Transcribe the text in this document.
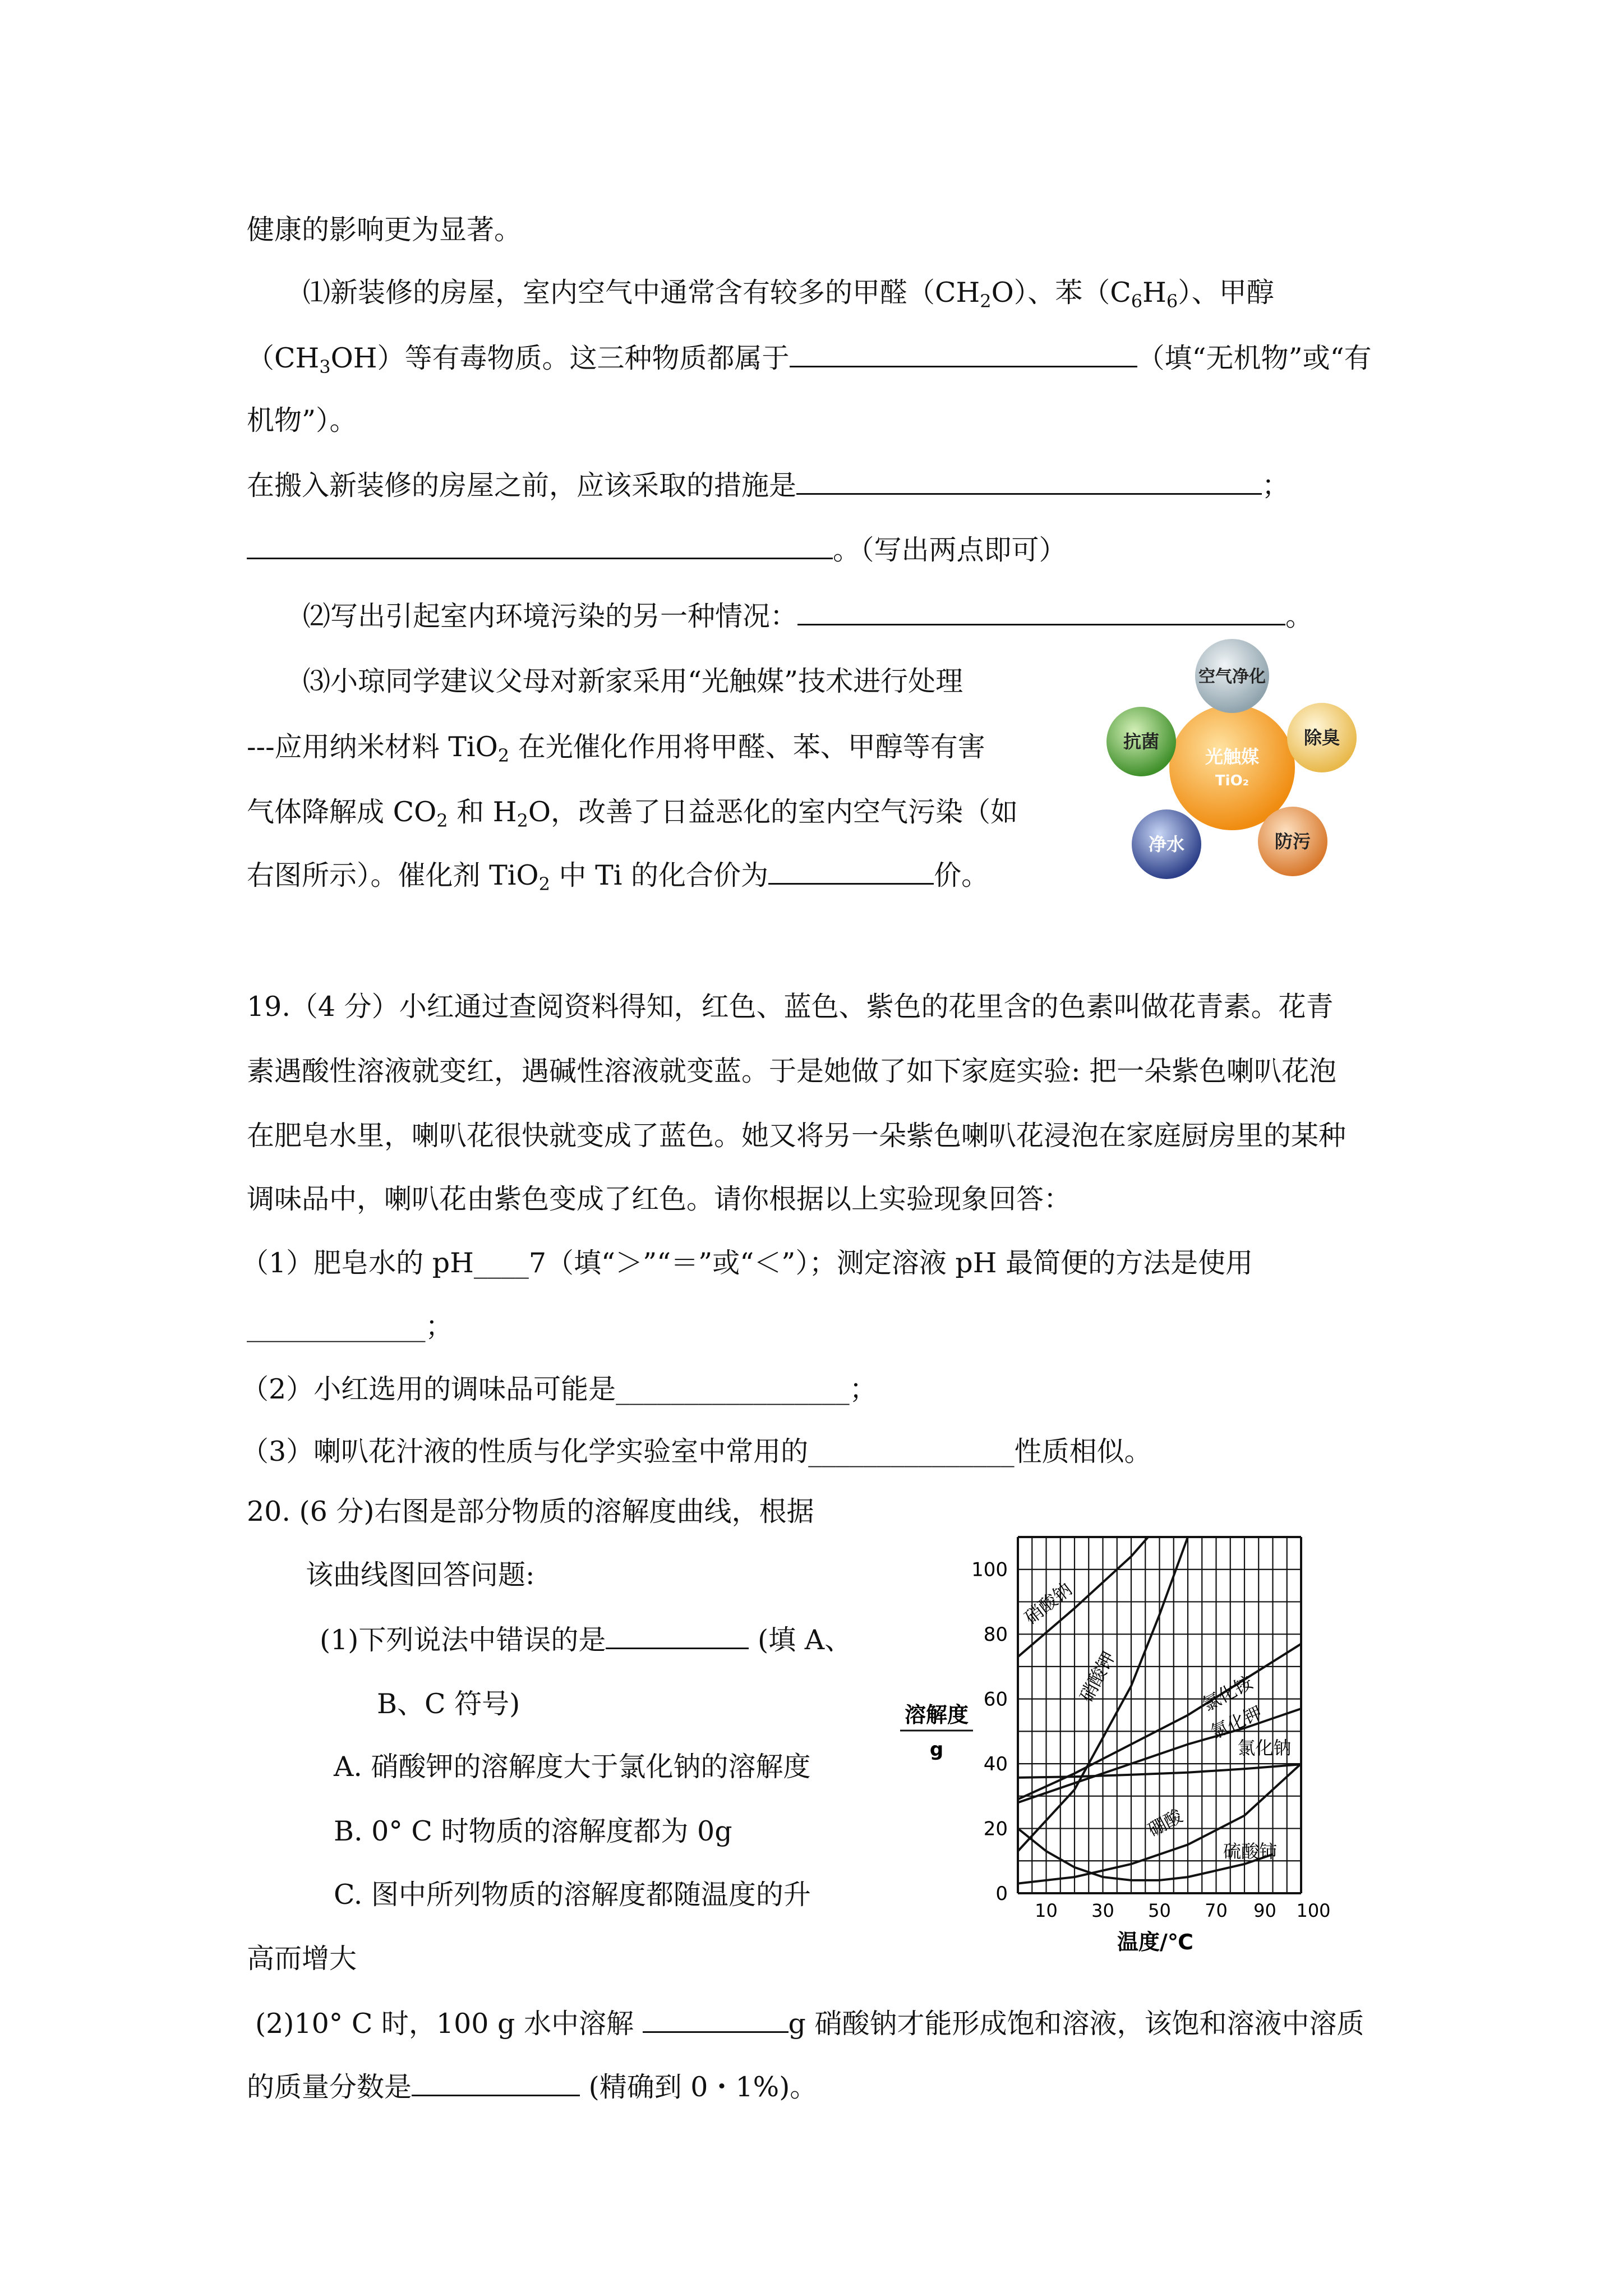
健康的影响更为显著。
⑴新装修的房屋，室内空气中通常含有较多的甲醛$(CH_2O)$、苯$(C_6H_6)$、甲醇
$(CH_3OH)$等有毒物质。这三种物质都属于	（填“无机物”或“有
机物”）。
在搬入新装修的房屋之前，应该采取的措施是	；
。（写出两点即可）
⑵写出引起室内环境污染的另一种情况：	。
⑶小琼同学建议父母对新家采用“光触媒”技术进行处理
---应用纳米材料 TiO$_2$ 在光催化作用将甲醛、苯、甲醇等有害
气体降解成 $CO_2$ 和 $H_2O$，改善了日益恶化的室内空气污染（如
右图所示）。催化剂 TiO$_2$ 中 Ti 的化合价为	价。
光触媒
TiO₂
空气净化
除臭
防污
净水
抗菌
19.（4 分）小红通过查阅资料得知，红色、蓝色、紫色的花里含的色素叫做花青素。花青
素遇酸性溶液就变红，遇碱性溶液就变蓝。于是她做了如下家庭实验: 把一朵紫色喇叭花泡
在肥皂水里，喇叭花很快就变成了蓝色。她又将另一朵紫色喇叭花浸泡在家庭厨房里的某种
调味品中，喇叭花由紫色变成了红色。请你根据以上实验现象回答：
（1）肥皂水的 pH____7（填“＞”“＝”或“＜”）；测定溶液 pH 最简便的方法是使用
_____________；
（2）小红选用的调味品可能是_________________；
（3）喇叭花汁液的性质与化学实验室中常用的_______________性质相似。
20. (6 分)右图是部分物质的溶解度曲线，根据
该曲线图回答问题:
(1)下列说法中错误的是	(填 A、
B、C 符号)
A. 硝酸钾的溶解度大于氯化钠的溶解度
B. 0° C 时物质的溶解度都为 0g
C. 图中所列物质的溶解度都随温度的升
高而增大
(2)10° C 时，100 g 水中溶解	g 硝酸钠才能形成饱和溶液，该饱和溶液中溶质
的质量分数是	(精确到 0・1%)。
0
20
40
60
80
100
10 30 50 70 90 100
硝酸钠
硝酸钾	氯化铵
氯化钾
氯化钠
硼酸
硫酸铈
溶解度
g
温度/℃
